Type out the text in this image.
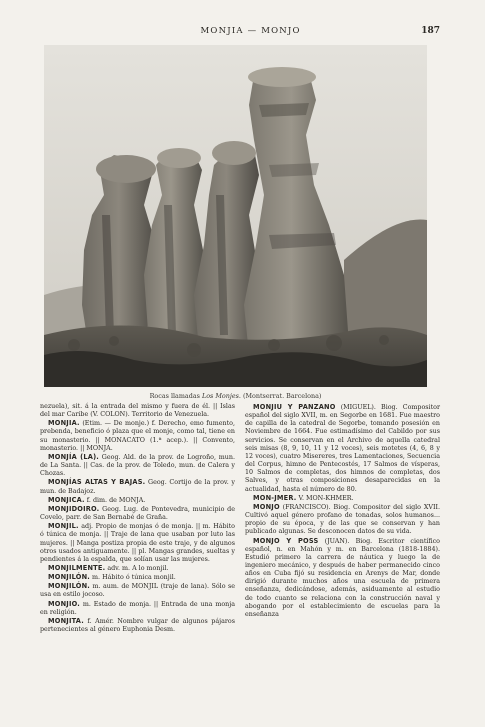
MONJIA — MONJO	187
Rocas llamadas Los Monjes. (Montserrat. Barcelona)

nezuela), sit. á la entrada del mismo y fuera de él. || Islas del mar Caribe (V. COLON). Territorio de Venezuela.

MONJIA. (Etim. — De monje.) f. Derecho, emo fumento, prebenda, beneficio ó plaza que el monje, como tal, tiene en su monasterio. || MONACATO (1.ª acep.). || Convento, monasterio. || MONJA.

MONJÍA (LA). Geog. Ald. de la prov. de Logroño, mun. de La Santa. || Cas. de la prov. de Toledo, mun. de Calera y Chozas.

MONJÍAS ALTAS Y BAJAS. Geog. Cortijo de la prov. y mun. de Badajoz.

MONJICA. f. dim. de MONJA.

MONJIDOIRO. Geog. Lug. de Pontevedra, municipio de Covelo, parr. de San Bernabé de Graña.

MONJIL. adj. Propio de monjas ó de monja. || m. Hábito ó túnica de monja. || Traje de lana que usaban por luto las mujeres. || Manga postiza propia de este traje, y de algunos otros usados antiguamente. || pl. Mangas grandes, sueltas y pendientes á la espalda, que solían usar las mujeres.

MONJILMENTE. adv. m. A lo monjil.

MONJILÓN. m. Hábito ó túnica monjil.

MONJILÓN. m. aum. de MONJIL (traje de lana). Sólo se usa en estilo jocoso.

MONJIO. m. Estado de monja. || Entrada de una monja en religión.

MONJITA. f. Amér. Nombre vulgar de algunos pájaros pertenecientes al género Euphonia Desm.

MONJIU Y PANZANO (MIGUEL). Biog. Compositor español del siglo XVII, m. en Segorbe en 1681. Fue maestro de capilla de la catedral de Segorbe, tomando posesión en Noviembre de 1664. Fue estimadísimo del Cabildo por sus servicios. Se conservan en el Archivo de aquella catedral seis misas (8, 9, 10, 11 y 12 voces), seis motetes (4, 6, 8 y 12 voces), cuatro Misereres, tres Lamentaciones, Secuencia del Corpus, himno de Pentecostés, 17 Salmos de vísperas, 10 Salmos de completas, dos himnos de completas, dos Salves, y otras composiciones desaparecidas en la actualidad, hasta el número de 80.

MON-JMER. V. MON-KHMER.

MONJO (FRANCISCO). Biog. Compositor del siglo XVII. Cultivó aquel género profano de tonadas, solos humanos... propio de su época, y de las que se conservan y han publicado algunas. Se desconocen datos de su vida.

MONJO Y POSS (JUAN). Biog. Escritor científico español, n. en Mahón y m. en Barcelona (1818-1884). Estudió primero la carrera de náutica y luego la de ingeniero mecánico, y después de haber permanecido cinco años en Cuba fijó su residencia en Arenys de Mar, donde dirigió durante muchos años una escuela de primera enseñanza, dedicándose, además, asiduamente al estudio de todo cuanto se relaciona con la construcción naval y abogando por el establecimiento de escuelas para la enseñanza
